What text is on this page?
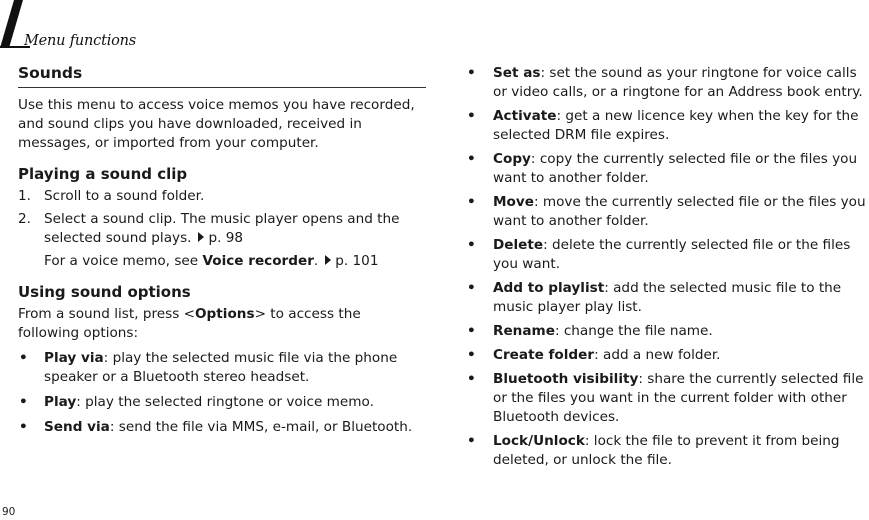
Menu functions
Sounds

Use this menu to access voice memos you have recorded, and sound clips you have downloaded, received in messages, or imported from your computer.

Playing a sound clip
1. Scroll to a sound folder.
2. Select a sound clip. The music player opens and the selected sound plays. p. 98

For a voice memo, see Voice recorder. p. 101

Using sound options

From a sound list, press <Options> to access the following options:

• Play via: play the selected music file via the phone speaker or a Bluetooth stereo headset.
• Play: play the selected ringtone or voice memo.
• Send via: send the file via MMS, e-mail, or Bluetooth.
• Set as: set the sound as your ringtone for voice calls or video calls, or a ringtone for an Address book entry.
• Activate: get a new licence key when the key for the selected DRM file expires.
• Copy: copy the currently selected file or the files you want to another folder.
• Move: move the currently selected file or the files you want to another folder.
• Delete: delete the currently selected file or the files you want.
• Add to playlist: add the selected music file to the music player play list.
• Rename: change the file name.
• Create folder: add a new folder.
• Bluetooth visibility: share the currently selected file or the files you want in the current folder with other Bluetooth devices.
• Lock/Unlock: lock the file to prevent it from being deleted, or unlock the file.
90
